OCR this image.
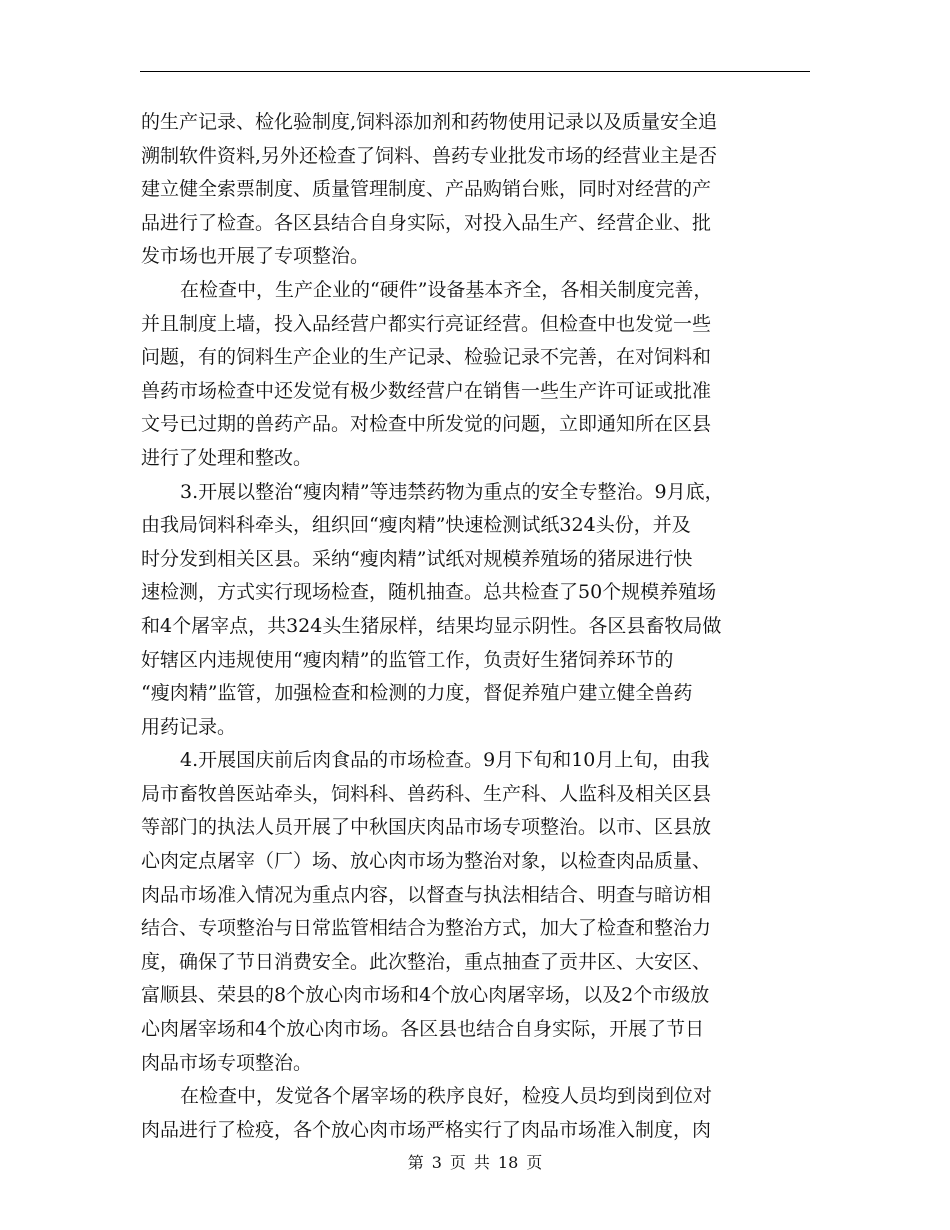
的生产记录、检化验制度,饲料添加剂和药物使用记录以及质量安全追
溯制软件资料,另外还检查了饲料、兽药专业批发市场的经营业主是否
建立健全索票制度、质量管理制度、产品购销台账，同时对经营的产
品进行了检查。各区县结合自身实际，对投入品生产、经营企业、批
发市场也开展了专项整治。
在检查中，生产企业的“硬件”设备基本齐全，各相关制度完善，
并且制度上墙，投入品经营户都实行亮证经营。但检查中也发觉一些
问题，有的饲料生产企业的生产记录、检验记录不完善，在对饲料和
兽药市场检查中还发觉有极少数经营户在销售一些生产许可证或批准
文号已过期的兽药产品。对检查中所发觉的问题，立即通知所在区县
进行了处理和整改。
3.开展以整治“瘦肉精”等违禁药物为重点的安全专整治。9月底，
由我局饲料科牵头，组织回“瘦肉精”快速检测试纸324头份，并及
时分发到相关区县。采纳“瘦肉精”试纸对规模养殖场的猪尿进行快
速检测，方式实行现场检查，随机抽查。总共检查了50个规模养殖场
和4个屠宰点，共324头生猪尿样，结果均显示阴性。各区县畜牧局做
好辖区内违规使用“瘦肉精”的监管工作，负责好生猪饲养环节的
“瘦肉精”监管，加强检查和检测的力度，督促养殖户建立健全兽药
用药记录。
4.开展国庆前后肉食品的市场检查。9月下旬和10月上旬，由我
局市畜牧兽医站牵头，饲料科、兽药科、生产科、人监科及相关区县
等部门的执法人员开展了中秋国庆肉品市场专项整治。以市、区县放
心肉定点屠宰（厂）场、放心肉市场为整治对象，以检查肉品质量、
肉品市场准入情况为重点内容，以督查与执法相结合、明查与暗访相
结合、专项整治与日常监管相结合为整治方式，加大了检查和整治力
度，确保了节日消费安全。此次整治，重点抽查了贡井区、大安区、
富顺县、荣县的8个放心肉市场和4个放心肉屠宰场，以及2个市级放
心肉屠宰场和4个放心肉市场。各区县也结合自身实际，开展了节日
肉品市场专项整治。
在检查中，发觉各个屠宰场的秩序良好，检疫人员均到岗到位对
肉品进行了检疫，各个放心肉市场严格实行了肉品市场准入制度，肉
第 3 页 共 18 页
